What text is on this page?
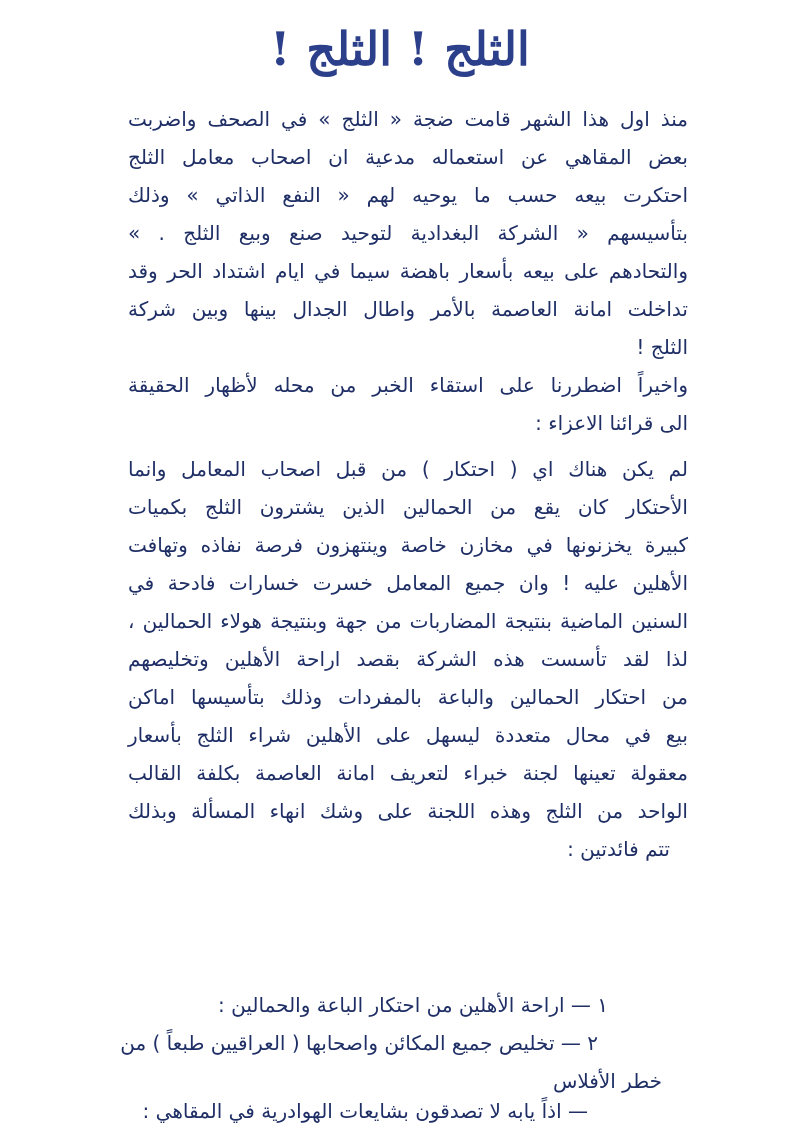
الثلج ! الثلج !
منذ اول هذا الشهر قامت ضجة « الثلج » في الصحف واضربت
بعض المقاهي عن استعماله مدعية ان اصحاب معامل الثلج
احتكرت بيعه حسب ما يوحيه لهم « النفع الذاتي » وذلك
بتأسيسهم « الشركة البغدادية لتوحيد صنع وبيع الثلج . »
والتحادهم على بيعه بأسعار باهضة سيما في ايام اشتداد الحر وقد
تداخلت امانة العاصمة بالأمر واطال الجدال بينها وبين شركة
الثلج !
واخيراً اضطررنا على استقاء الخبر من محله لأظهار الحقيقة
الى قرائنا الاعزاء :
لم يكن هناك اي ( احتكار ) من قبل اصحاب المعامل وانما
الأحتكار كان يقع من الحمالين الذين يشترون الثلج بكميات
كبيرة يخزنونها في مخازن خاصة وينتهزون فرصة نفاذه وتهافت
الأهلين عليه ! وان جميع المعامل خسرت خسارات فادحة في
السنين الماضية بنتيجة المضاربات من جهة وبنتيجة هولاء الحمالين ،
لذا لقد تأسست هذه الشركة بقصد اراحة الأهلين وتخليصهم
من احتكار الحمالين والباعة بالمفردات وذلك بتأسيسها اماكن
بيع في محال متعددة ليسهل على الأهلين شراء الثلج بأسعار
معقولة تعينها لجنة خبراء لتعريف امانة العاصمة بكلفة القالب
الواحد من الثلج وهذه اللجنة على وشك انهاء المسألة وبذلك
تتم فائدتين :
١ — اراحة الأهلين من احتكار الباعة والحمالين :
٢ — تخليص جميع المكائن واصحابها ( العراقيين طبعاً ) من
خطر الأفلاس
— اذاً يابه لا تصدقون بشايعات الهوادرية في المقاهي :
